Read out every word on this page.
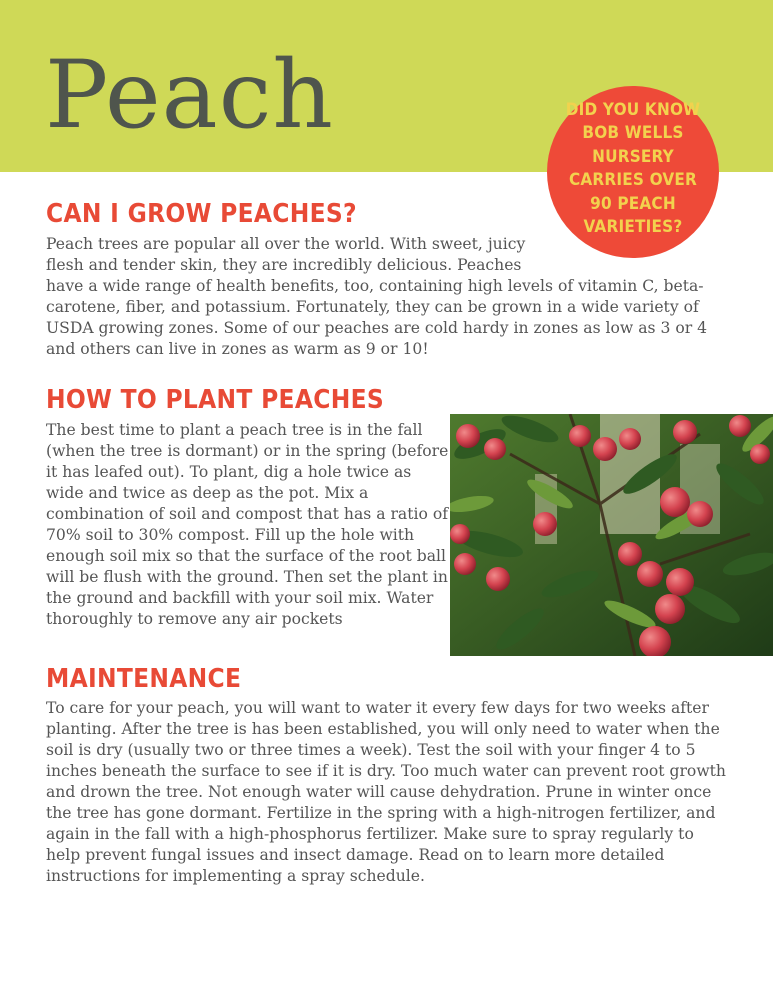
Peach	DID YOU KNOW BOB WELLS NURSERY CARRIES OVER 90 PEACH VARIETIES?
CAN I GROW PEACHES?

Peach trees are popular all over the world. With sweet, juicy flesh and tender skin, they are incredibly delicious. Peaches have a wide range of health benefits, too, containing high levels of vitamin C, beta-carotene, fiber, and potassium. Fortunately, they can be grown in a wide variety of USDA growing zones. Some of our peaches are cold hardy in zones as low as 3 or 4 and others can live in zones as warm as 9 or 10!

HOW TO PLANT PEACHES

The best time to plant a peach tree is in the fall (when the tree is dormant) or in the spring (before it has leafed out). To plant, dig a hole twice as wide and twice as deep as the pot. Mix a combination of soil and compost that has a ratio of 70% soil to 30% compost. Fill up the hole with enough soil mix so that the surface of the root ball will be flush with the ground. Then set the plant in the ground and backfill with your soil mix. Water thoroughly to remove any air pockets

MAINTENANCE

To care for your peach, you will want to water it every few days for two weeks after planting. After the tree is has been established, you will only need to water when the soil is dry (usually two or three times a week). Test the soil with your finger 4 to 5 inches beneath the surface to see if it is dry. Too much water can prevent root growth and drown the tree. Not enough water will cause dehydration. Prune in winter once the tree has gone dormant. Fertilize in the spring with a high-nitrogen fertilizer, and again in the fall with a high-phosphorus fertilizer. Make sure to spray regularly to help prevent fungal issues and insect damage. Read on to learn more detailed instructions for implementing a spray schedule.
